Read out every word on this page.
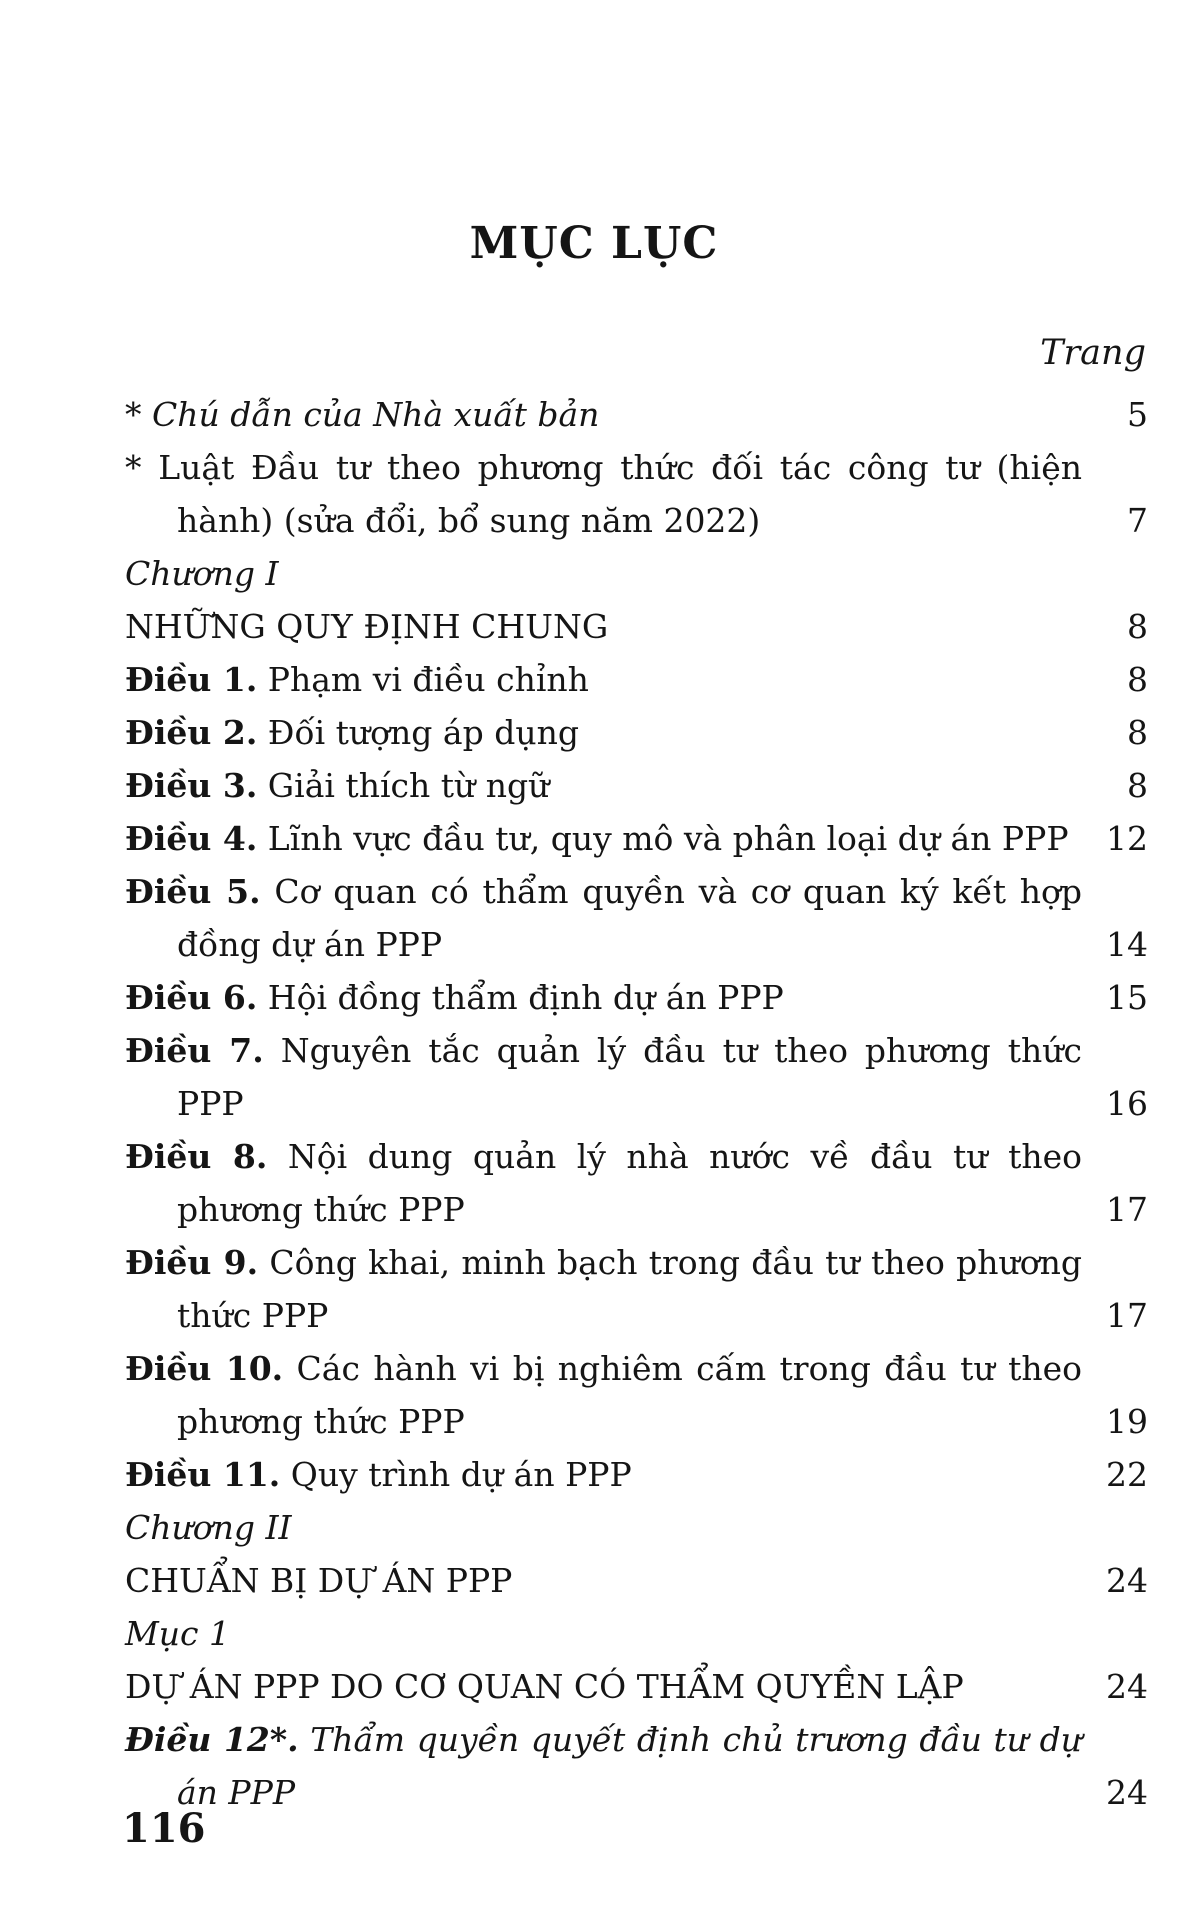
MỤC LỤC
Trang
* Chú dẫn của Nhà xuất bản	5
* Luật Đầu tư theo phương thức đối tác công tư (hiện hành) (sửa đổi, bổ sung năm 2022)	7
Chương I
NHỮNG QUY ĐỊNH CHUNG	8
Điều 1. Phạm vi điều chỉnh	8
Điều 2. Đối tượng áp dụng	8
Điều 3. Giải thích từ ngữ	8
Điều 4. Lĩnh vực đầu tư, quy mô và phân loại dự án PPP	12
Điều 5. Cơ quan có thẩm quyền và cơ quan ký kết hợp đồng dự án PPP	14
Điều 6. Hội đồng thẩm định dự án PPP	15
Điều 7. Nguyên tắc quản lý đầu tư theo phương thức PPP	16
Điều 8. Nội dung quản lý nhà nước về đầu tư theo phương thức PPP	17
Điều 9. Công khai, minh bạch trong đầu tư theo phương thức PPP	17
Điều 10. Các hành vi bị nghiêm cấm trong đầu tư theo phương thức PPP	19
Điều 11. Quy trình dự án PPP	22
Chương II
CHUẨN BỊ DỰ ÁN PPP	24
Mục 1
DỰ ÁN PPP DO CƠ QUAN CÓ THẨM QUYỀN LẬP	24
Điều 12*. Thẩm quyền quyết định chủ trương đầu tư dự án PPP	24
116
